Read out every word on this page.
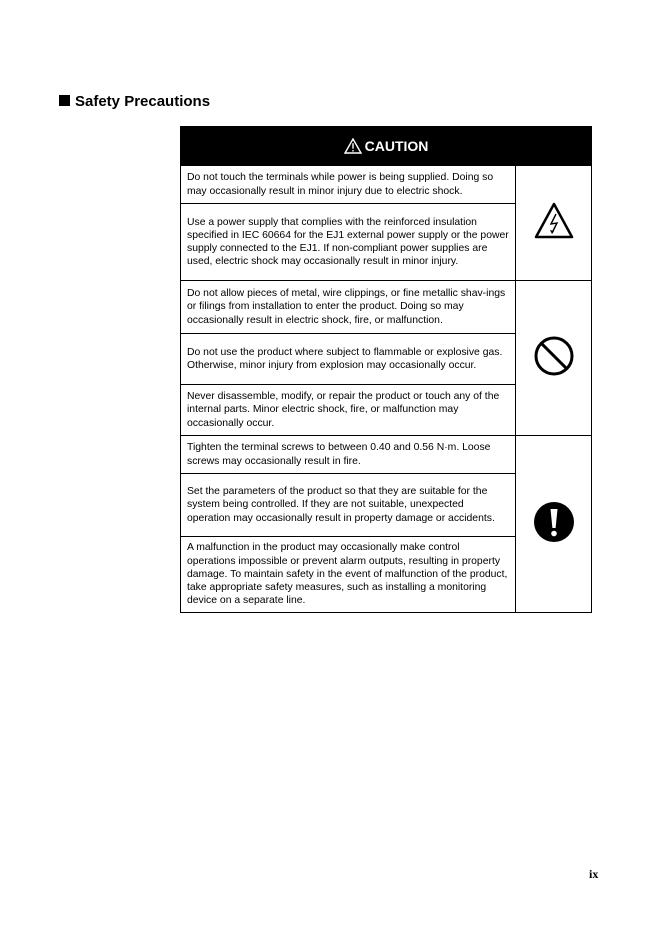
Safety Precautions
CAUTION	
Do not touch the terminals while power is being supplied. Doing so may occasionally result in minor injury due to electric shock.	
Use a power supply that complies with the reinforced insulation specified in IEC 60664 for the EJ1 external power supply or the power supply connected to the EJ1. If non-compliant power supplies are used, electric shock may occasionally result in minor injury.	
Do not allow pieces of metal, wire clippings, or fine metallic shav-ings or filings from installation to enter the product. Doing so may occasionally result in electric shock, fire, or malfunction.	
Do not use the product where subject to flammable or explosive gas. Otherwise, minor injury from explosion may occasionally occur.	
Never disassemble, modify, or repair the product or touch any of the internal parts. Minor electric shock, fire, or malfunction may occasionally occur.	
Tighten the terminal screws to between 0.40 and 0.56 N·m. Loose screws may occasionally result in fire.	
Set the parameters of the product so that they are suitable for the system being controlled. If they are not suitable, unexpected operation may occasionally result in property damage or accidents.	
A malfunction in the product may occasionally make control operations impossible or prevent alarm outputs, resulting in property damage. To maintain safety in the event of malfunction of the product, take appropriate safety measures, such as installing a monitoring device on a separate line.	
ix
